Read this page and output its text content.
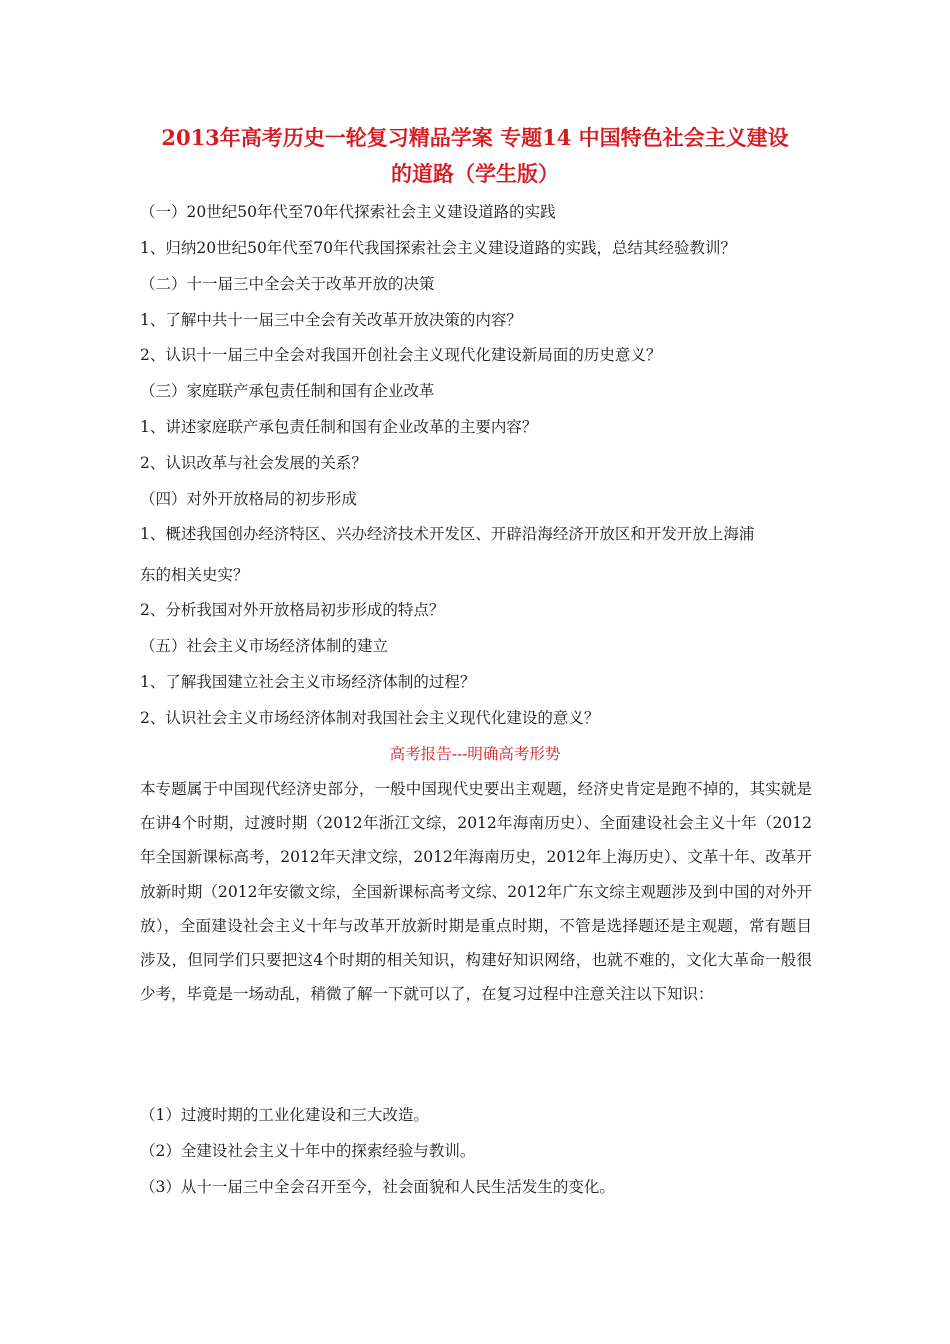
2013年高考历史一轮复习精品学案 专题14 中国特色社会主义建设
的道路（学生版）
（一）20世纪50年代至70年代探索社会主义建设道路的实践
1、归纳20世纪50年代至70年代我国探索社会主义建设道路的实践，总结其经验教训？
（二）十一届三中全会关于改革开放的决策
1、了解中共十一届三中全会有关改革开放决策的内容？
2、认识十一届三中全会对我国开创社会主义现代化建设新局面的历史意义？
（三）家庭联产承包责任制和国有企业改革
1、讲述家庭联产承包责任制和国有企业改革的主要内容？
2、认识改革与社会发展的关系？
（四）对外开放格局的初步形成
1、概述我国创办经济特区、兴办经济技术开发区、开辟沿海经济开放区和开发开放上海浦
东的相关史实？
2、分析我国对外开放格局初步形成的特点？
（五）社会主义市场经济体制的建立
1、了解我国建立社会主义市场经济体制的过程？
2、认识社会主义市场经济体制对我国社会主义现代化建设的意义？
高考报告---明确高考形势
本专题属于中国现代经济史部分，一般中国现代史要出主观题，经济史肯定是跑不掉的，其实就是在讲4个时期，过渡时期（2012年浙江文综，2012年海南历史）、全面建设社会主义十年（2012年全国新课标高考，2012年天津文综，2012年海南历史，2012年上海历史）、文革十年、改革开放新时期（2012年安徽文综，全国新课标高考文综、2012年广东文综主观题涉及到中国的对外开放），全面建设社会主义十年与改革开放新时期是重点时期，不管是选择题还是主观题，常有题目涉及，但同学们只要把这4个时期的相关知识，构建好知识网络，也就不难的，文化大革命一般很少考，毕竟是一场动乱，稍微了解一下就可以了，在复习过程中注意关注以下知识：
（1）过渡时期的工业化建设和三大改造。
（2）全建设社会主义十年中的探索经验与教训。
（3）从十一届三中全会召开至今，社会面貌和人民生活发生的变化。
